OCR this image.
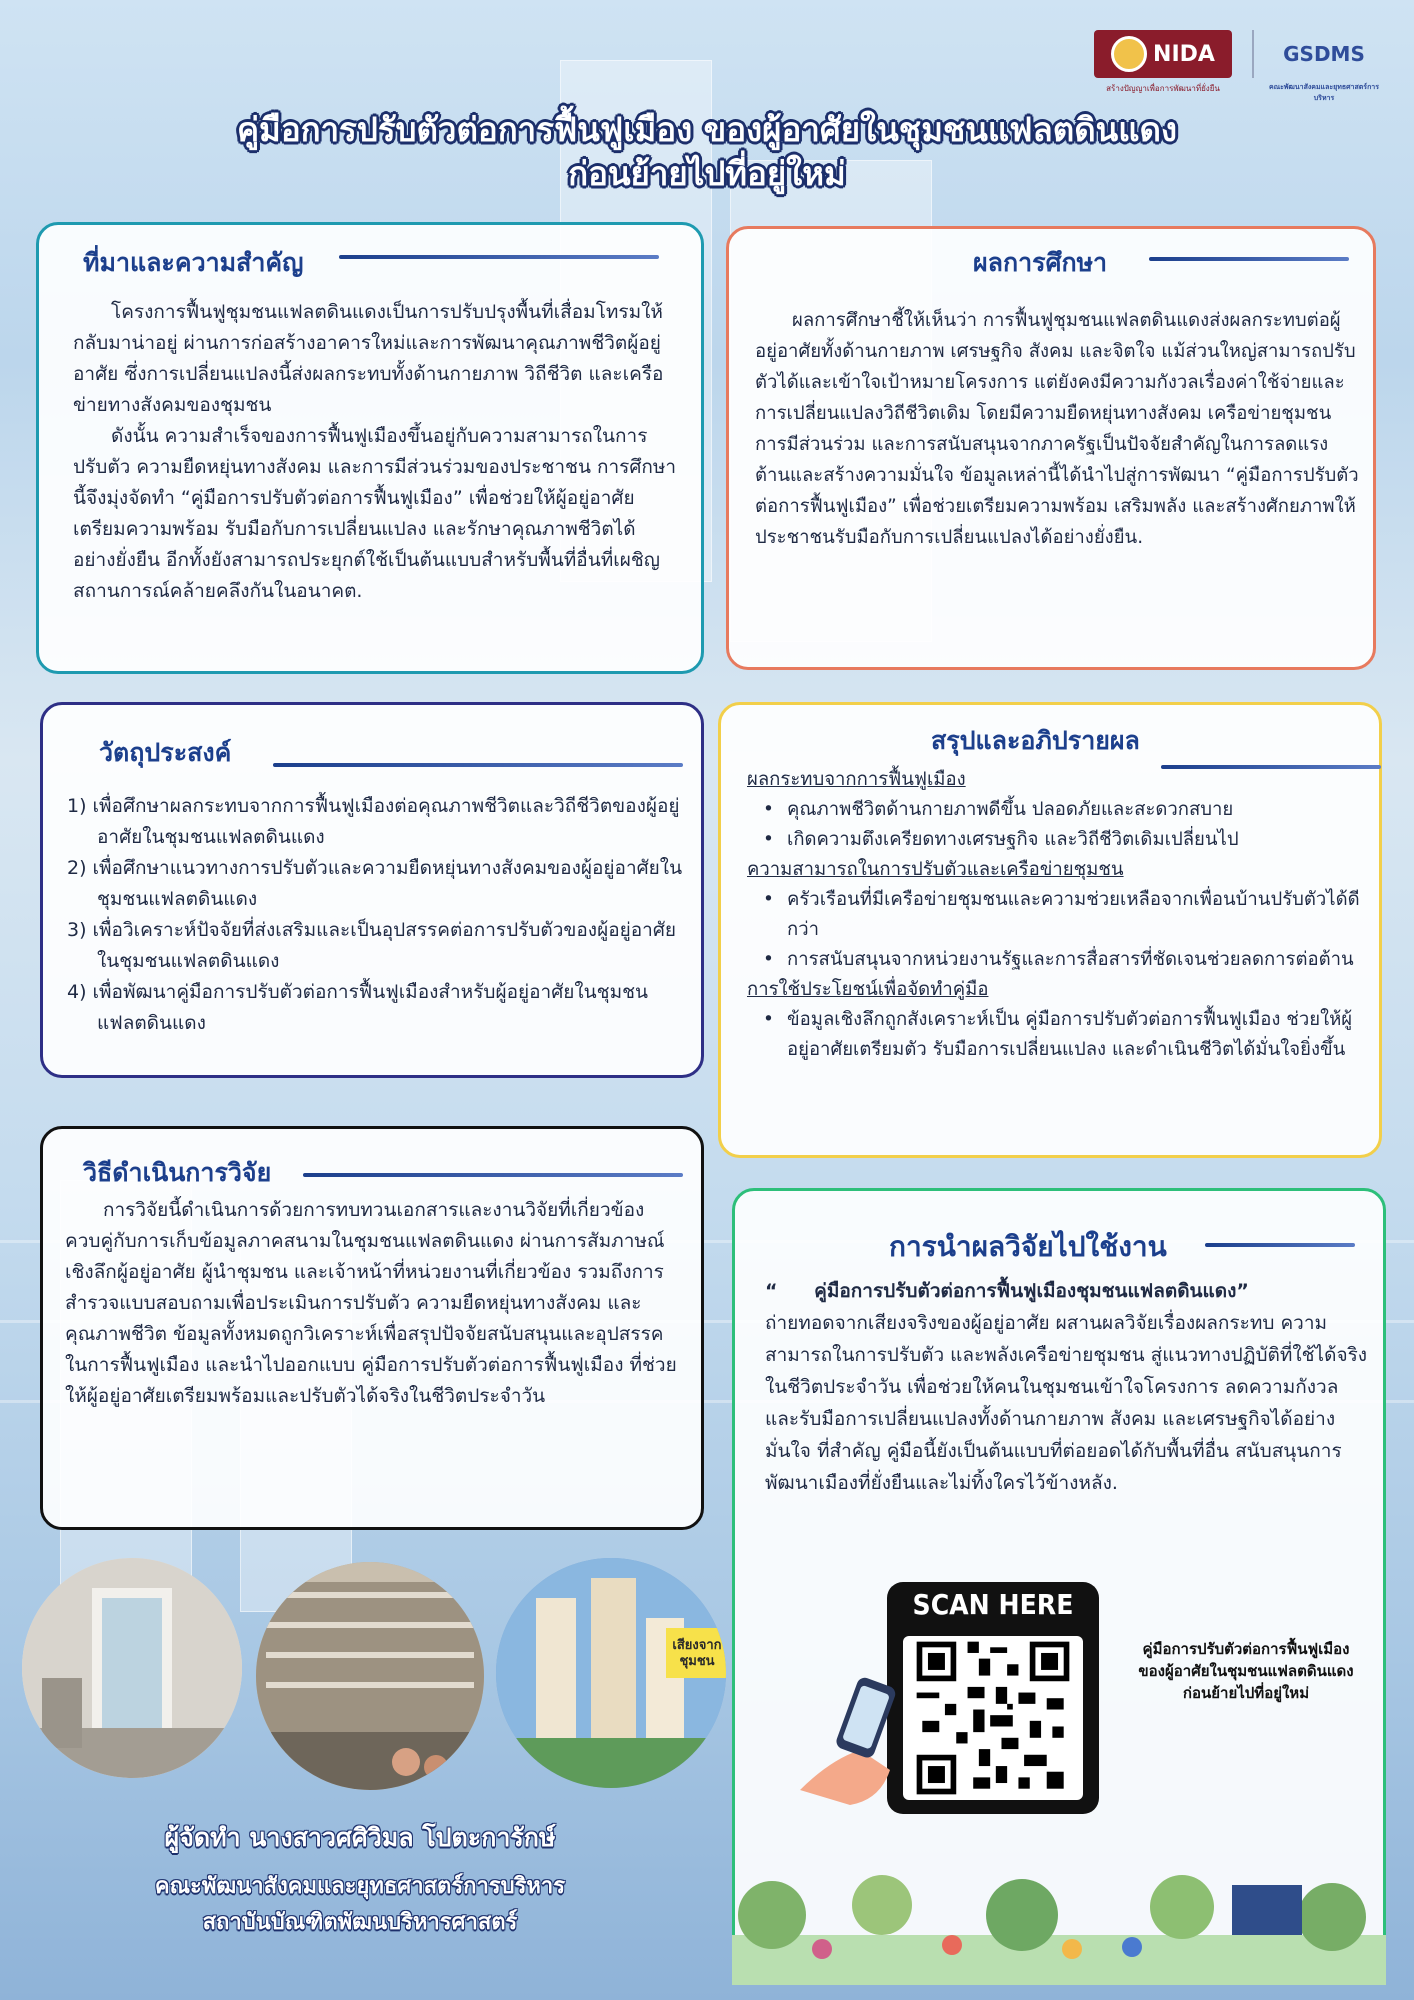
NIDA
สร้างปัญญาเพื่อการพัฒนาที่ยั่งยืน
GSDMS
คณะพัฒนาสังคมและยุทธศาสตร์การบริหาร
คู่มือการปรับตัวต่อการฟื้นฟูเมือง ของผู้อาศัยในชุมชนแฟลตดินแดง
ก่อนย้ายไปที่อยู่ใหม่
ที่มาและความสำคัญ

โครงการฟื้นฟูชุมชนแฟลตดินแดงเป็นการปรับปรุงพื้นที่เสื่อมโทรมให้กลับมาน่าอยู่ ผ่านการก่อสร้างอาคารใหม่และการพัฒนาคุณภาพชีวิตผู้อยู่อาศัย ซึ่งการเปลี่ยนแปลงนี้ส่งผลกระทบทั้งด้านกายภาพ วิถีชีวิต และเครือข่ายทางสังคมของชุมชน

ดังนั้น ความสำเร็จของการฟื้นฟูเมืองขึ้นอยู่กับความสามารถในการปรับตัว ความยืดหยุ่นทางสังคม และการมีส่วนร่วมของประชาชน การศึกษานี้จึงมุ่งจัดทำ “คู่มือการปรับตัวต่อการฟื้นฟูเมือง” เพื่อช่วยให้ผู้อยู่อาศัยเตรียมความพร้อม รับมือกับการเปลี่ยนแปลง และรักษาคุณภาพชีวิตได้อย่างยั่งยืน อีกทั้งยังสามารถประยุกต์ใช้เป็นต้นแบบสำหรับพื้นที่อื่นที่เผชิญสถานการณ์คล้ายคลึงกันในอนาคต.

ผลการศึกษา

ผลการศึกษาชี้ให้เห็นว่า การฟื้นฟูชุมชนแฟลตดินแดงส่งผลกระทบต่อผู้อยู่อาศัยทั้งด้านกายภาพ เศรษฐกิจ สังคม และจิตใจ แม้ส่วนใหญ่สามารถปรับตัวได้และเข้าใจเป้าหมายโครงการ แต่ยังคงมีความกังวลเรื่องค่าใช้จ่ายและการเปลี่ยนแปลงวิถีชีวิตเดิม โดยมีความยืดหยุ่นทางสังคม เครือข่ายชุมชน การมีส่วนร่วม และการสนับสนุนจากภาครัฐเป็นปัจจัยสำคัญในการลดแรงต้านและสร้างความมั่นใจ ข้อมูลเหล่านี้ได้นำไปสู่การพัฒนา “คู่มือการปรับตัวต่อการฟื้นฟูเมือง” เพื่อช่วยเตรียมความพร้อม เสริมพลัง และสร้างศักยภาพให้ประชาชนรับมือกับการเปลี่ยนแปลงได้อย่างยั่งยืน.

วัตถุประสงค์
1) เพื่อศึกษาผลกระทบจากการฟื้นฟูเมืองต่อคุณภาพชีวิตและวิถีชีวิตของผู้อยู่อาศัยในชุมชนแฟลตดินแดง
2) เพื่อศึกษาแนวทางการปรับตัวและความยืดหยุ่นทางสังคมของผู้อยู่อาศัยในชุมชนแฟลตดินแดง
3) เพื่อวิเคราะห์ปัจจัยที่ส่งเสริมและเป็นอุปสรรคต่อการปรับตัวของผู้อยู่อาศัยในชุมชนแฟลตดินแดง
4) เพื่อพัฒนาคู่มือการปรับตัวต่อการฟื้นฟูเมืองสำหรับผู้อยู่อาศัยในชุมชนแฟลตดินแดง
สรุปและอภิปรายผล
ผลกระทบจากการฟื้นฟูเมือง
• คุณภาพชีวิตด้านกายภาพดีขึ้น ปลอดภัยและสะดวกสบาย
• เกิดความตึงเครียดทางเศรษฐกิจ และวิถีชีวิตเดิมเปลี่ยนไป
ความสามารถในการปรับตัวและเครือข่ายชุมชน
• ครัวเรือนที่มีเครือข่ายชุมชนและความช่วยเหลือจากเพื่อนบ้านปรับตัวได้ดีกว่า
• การสนับสนุนจากหน่วยงานรัฐและการสื่อสารที่ชัดเจนช่วยลดการต่อต้าน
การใช้ประโยชน์เพื่อจัดทำคู่มือ
• ข้อมูลเชิงลึกถูกสังเคราะห์เป็น คู่มือการปรับตัวต่อการฟื้นฟูเมือง ช่วยให้ผู้อยู่อาศัยเตรียมตัว รับมือการเปลี่ยนแปลง และดำเนินชีวิตได้มั่นใจยิ่งขึ้น
วิธีดำเนินการวิจัย

การวิจัยนี้ดำเนินการด้วยการทบทวนเอกสารและงานวิจัยที่เกี่ยวข้อง ควบคู่กับการเก็บข้อมูลภาคสนามในชุมชนแฟลตดินแดง ผ่านการสัมภาษณ์เชิงลึกผู้อยู่อาศัย ผู้นำชุมชน และเจ้าหน้าที่หน่วยงานที่เกี่ยวข้อง รวมถึงการสำรวจแบบสอบถามเพื่อประเมินการปรับตัว ความยืดหยุ่นทางสังคม และคุณภาพชีวิต ข้อมูลทั้งหมดถูกวิเคราะห์เพื่อสรุปปัจจัยสนับสนุนและอุปสรรคในการฟื้นฟูเมือง และนำไปออกแบบ คู่มือการปรับตัวต่อการฟื้นฟูเมือง ที่ช่วยให้ผู้อยู่อาศัยเตรียมพร้อมและปรับตัวได้จริงในชีวิตประจำวัน

การนำผลวิจัยไปใช้งาน
“ คู่มือการปรับตัวต่อการฟื้นฟูเมืองชุมชนแฟลตดินแดง”
ถ่ายทอดจากเสียงจริงของผู้อยู่อาศัย ผสานผลวิจัยเรื่องผลกระทบ ความสามารถในการปรับตัว และพลังเครือข่ายชุมชน สู่แนวทางปฏิบัติที่ใช้ได้จริงในชีวิตประจำวัน เพื่อช่วยให้คนในชุมชนเข้าใจโครงการ ลดความกังวล และรับมือการเปลี่ยนแปลงทั้งด้านกายภาพ สังคม และเศรษฐกิจได้อย่างมั่นใจ ที่สำคัญ คู่มือนี้ยังเป็นต้นแบบที่ต่อยอดได้กับพื้นที่อื่น สนับสนุนการพัฒนาเมืองที่ยั่งยืนและไม่ทิ้งใครไว้ข้างหลัง.
SCAN HERE
คู่มือการปรับตัวต่อการฟื้นฟูเมือง
ของผู้อาศัยในชุมชนแฟลตดินแดง
ก่อนย้ายไปที่อยู่ใหม่
เสียงจาก
ชุมชน
ผู้จัดทำ นางสาวศศิวิมล โปตะการักษ์
คณะพัฒนาสังคมและยุทธศาสตร์การบริหาร
สถาบันบัณฑิตพัฒนบริหารศาสตร์
